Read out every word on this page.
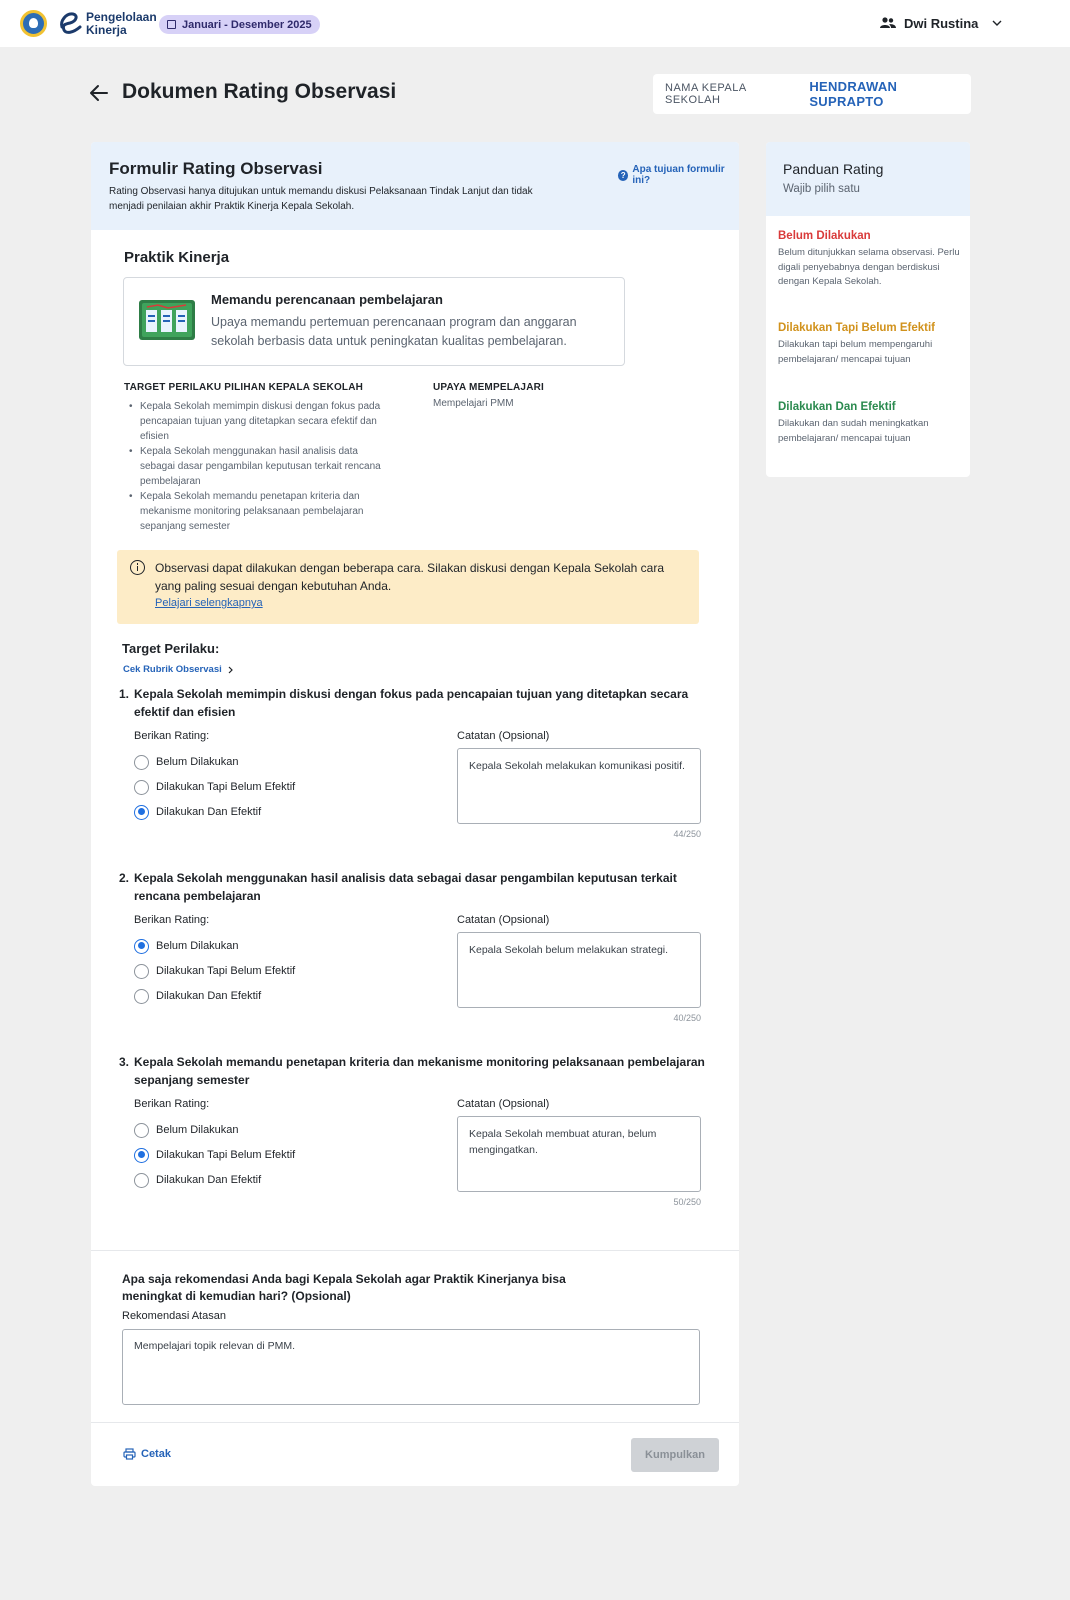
Pengelolaan
Kinerja	Januari - Desember 2025	Dwi Rustina
Dokumen Rating Observasi	NAMA KEPALA SEKOLAH
HENDRAWAN SUPRAPTO
Formulir Rating Observasi
Rating Observasi hanya ditujukan untuk memandu diskusi Pelaksanaan Tindak Lanjut dan tidak menjadi penilaian akhir Praktik Kinerja Kepala Sekolah.
? Apa tujuan formulir ini?
Praktik Kinerja
Memandu perencanaan pembelajaran
Upaya memandu pertemuan perencanaan program dan anggaran sekolah berbasis data untuk peningkatan kualitas pembelajaran.
TARGET PERILAKU PILIHAN KEPALA SEKOLAH
• Kepala Sekolah memimpin diskusi dengan fokus pada pencapaian tujuan yang ditetapkan secara efektif dan efisien
• Kepala Sekolah menggunakan hasil analisis data sebagai dasar pengambilan keputusan terkait rencana pembelajaran
• Kepala Sekolah memandu penetapan kriteria dan mekanisme monitoring pelaksanaan pembelajaran sepanjang semester
UPAYA MEMPELAJARI
Mempelajari PMM
Observasi dapat dilakukan dengan beberapa cara. Silakan diskusi dengan Kepala Sekolah cara yang paling sesuai dengan kebutuhan Anda.
Pelajari selengkapnya
Target Perilaku:
Cek Rubrik Observasi
1. Kepala Sekolah memimpin diskusi dengan fokus pada pencapaian tujuan yang ditetapkan secara efektif dan efisien
Berikan Rating:
Belum Dilakukan
Dilakukan Tapi Belum Efektif
Dilakukan Dan Efektif
Catatan (Opsional)
Kepala Sekolah melakukan komunikasi positif.
44/250
2. Kepala Sekolah menggunakan hasil analisis data sebagai dasar pengambilan keputusan terkait rencana pembelajaran
Berikan Rating:
Belum Dilakukan
Dilakukan Tapi Belum Efektif
Dilakukan Dan Efektif
Catatan (Opsional)
Kepala Sekolah belum melakukan strategi.
40/250
3. Kepala Sekolah memandu penetapan kriteria dan mekanisme monitoring pelaksanaan pembelajaran sepanjang semester
Berikan Rating:
Belum Dilakukan
Dilakukan Tapi Belum Efektif
Dilakukan Dan Efektif
Catatan (Opsional)
Kepala Sekolah membuat aturan, belum mengingatkan.
50/250
Apa saja rekomendasi Anda bagi Kepala Sekolah agar Praktik Kinerjanya bisa meningkat di kemudian hari? (Opsional)
Rekomendasi Atasan
Mempelajari topik relevan di PMM.
Cetak	Kumpulkan
Panduan Rating
Wajib pilih satu
Belum Dilakukan
Belum ditunjukkan selama observasi. Perlu digali penyebabnya dengan berdiskusi dengan Kepala Sekolah.
Dilakukan Tapi Belum Efektif
Dilakukan tapi belum mempengaruhi pembelajaran/ mencapai tujuan
Dilakukan Dan Efektif
Dilakukan dan sudah meningkatkan pembelajaran/ mencapai tujuan
